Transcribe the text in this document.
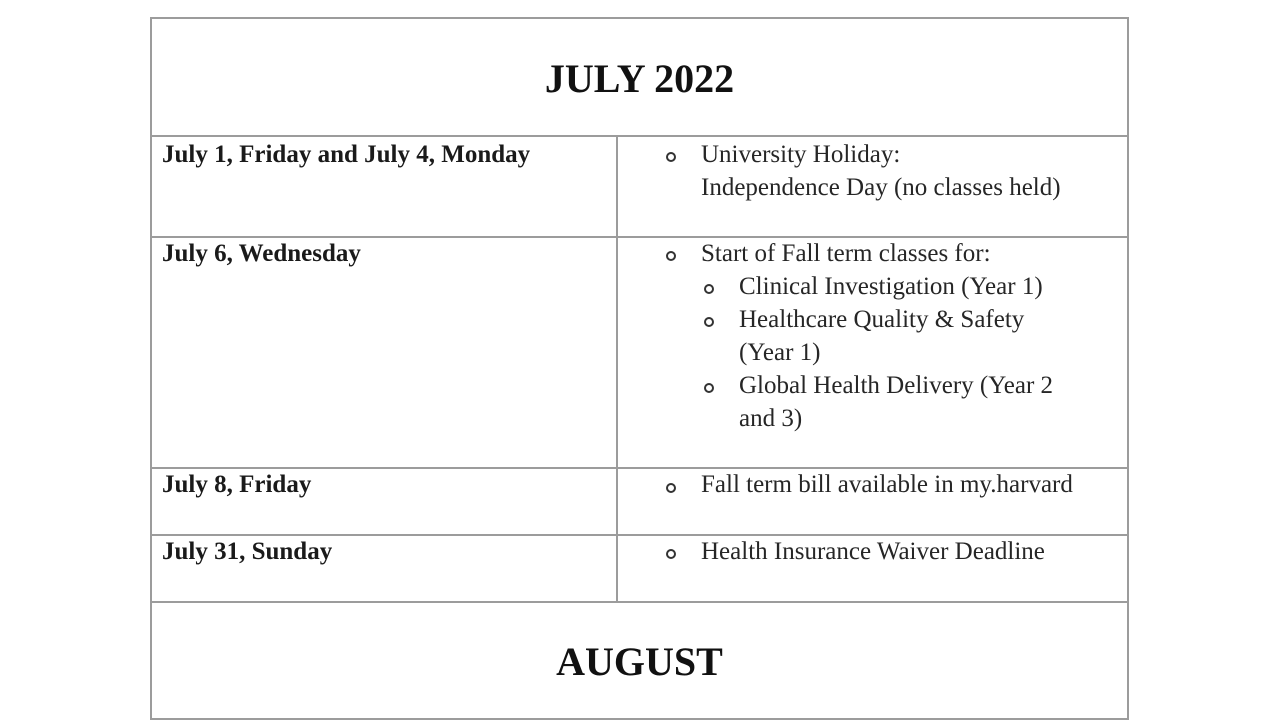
JULY 2022
July 1, Friday and July 4, Monday	University Holiday:
Independence Day (no classes held)
July 6, Wednesday	Start of Fall term classes for:
Clinical Investigation (Year 1)
Healthcare Quality & Safety
(Year 1)
Global Health Delivery (Year 2
and 3)
July 8, Friday	Fall term bill available in my.harvard
July 31, Sunday	Health Insurance Waiver Deadline
AUGUST
